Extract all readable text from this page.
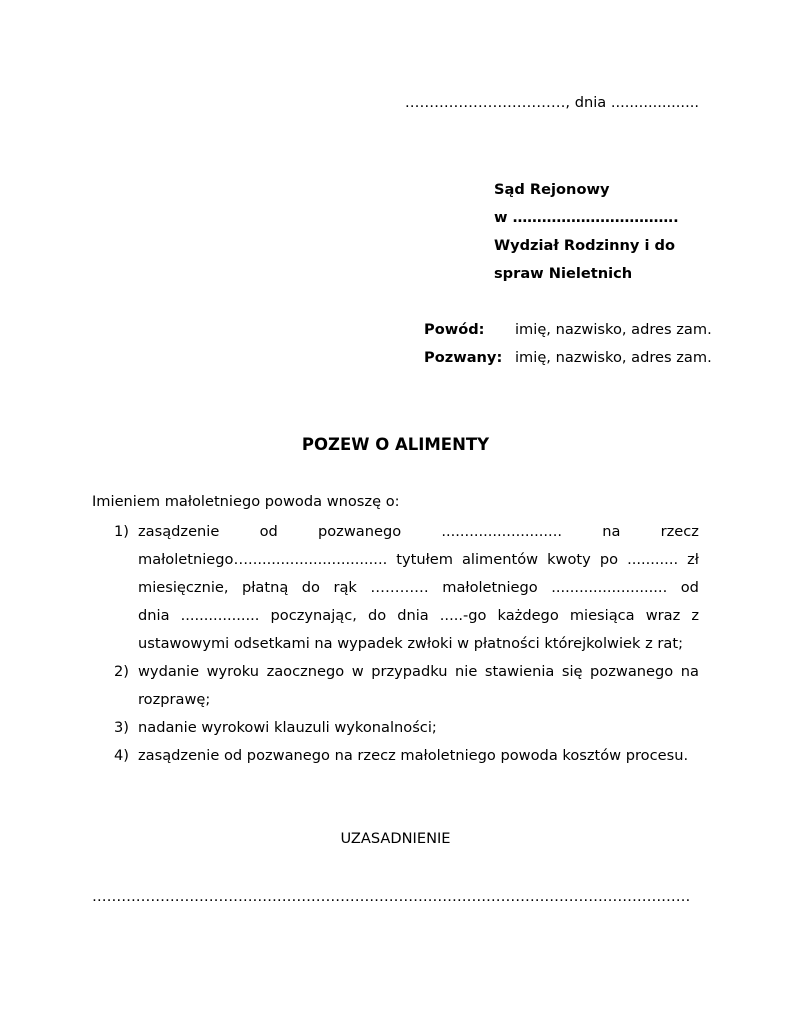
……………………………, dnia ...................
Sąd Rejonowy
w …………………………….
Wydział Rodzinny i do
spraw Nieletnich
Powód: imię, nazwisko, adres zam.
Pozwany: imię, nazwisko, adres zam.
POZEW O ALIMENTY
Imieniem małoletniego powoda wnoszę o:
1) zasądzenie	od	pozwanego	..........................	na	rzecz
małoletniego….............................. tytułem alimentów kwoty po ........... zł
miesięcznie, płatną do rąk ………… małoletniego ......................... od
dnia ................. poczynając, do dnia .....-go każdego miesiąca wraz z
ustawowymi odsetkami na wypadek zwłoki w płatności którejkolwiek z rat;
2) wydanie wyroku zaocznego w przypadku nie stawienia się pozwanego na
rozprawę;
3) nadanie wyrokowi klauzuli wykonalności;
4) zasądzenie od pozwanego na rzecz małoletniego powoda kosztów procesu.
UZASADNIENIE
……………………………………………………………………………………………………………
